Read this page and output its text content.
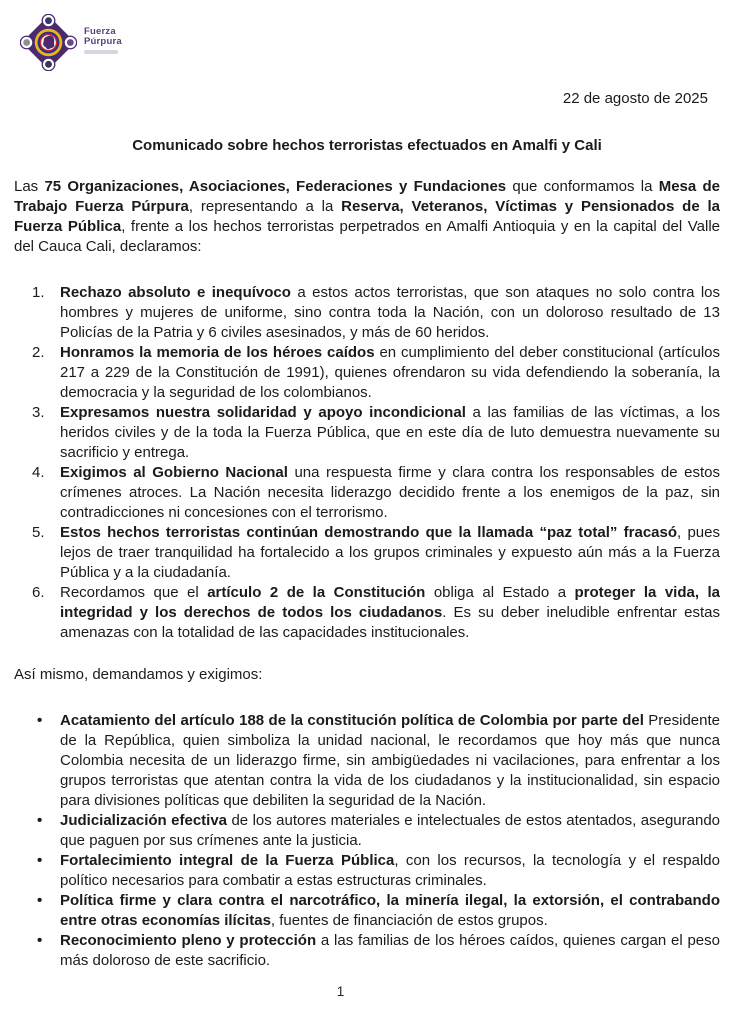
Fuerza
Púrpura
22 de agosto de 2025
Comunicado sobre hechos terroristas efectuados en Amalfi y Cali

Las 75 Organizaciones, Asociaciones, Federaciones y Fundaciones que conformamos la Mesa de Trabajo Fuerza Púrpura, representando a la Reserva, Veteranos, Víctimas y Pensionados de la Fuerza Pública, frente a los hechos terroristas perpetrados en Amalfi Antioquia y en la capital del Valle del Cauca Cali, declaramos:

1.	Rechazo absoluto e inequívoco a estos actos terroristas, que son ataques no solo contra los hombres y mujeres de uniforme, sino contra toda la Nación, con un doloroso resultado de 13 Policías de la Patria y 6 civiles asesinados, y más de 60 heridos.
2.	Honramos la memoria de los héroes caídos en cumplimiento del deber constitucional (artículos 217 a 229 de la Constitución de 1991), quienes ofrendaron su vida defendiendo la soberanía, la democracia y la seguridad de los colombianos.
3.	Expresamos nuestra solidaridad y apoyo incondicional a las familias de las víctimas, a los heridos civiles y de la toda la Fuerza Pública, que en este día de luto demuestra nuevamente su sacrificio y entrega.
4.	Exigimos al Gobierno Nacional una respuesta firme y clara contra los responsables de estos crímenes atroces. La Nación necesita liderazgo decidido frente a los enemigos de la paz, sin contradicciones ni concesiones con el terrorismo.
5.	Estos hechos terroristas continúan demostrando que la llamada “paz total” fracasó, pues lejos de traer tranquilidad ha fortalecido a los grupos criminales y expuesto aún más a la Fuerza Pública y a la ciudadanía.
6.	Recordamos que el artículo 2 de la Constitución obliga al Estado a proteger la vida, la integridad y los derechos de todos los ciudadanos. Es su deber ineludible enfrentar estas amenazas con la totalidad de las capacidades institucionales.

Así mismo, demandamos y exigimos:

•	Acatamiento del artículo 188 de la constitución política de Colombia por parte del Presidente de la República, quien simboliza la unidad nacional, le recordamos que hoy más que nunca Colombia necesita de un liderazgo firme, sin ambigüedades ni vacilaciones, para enfrentar a los grupos terroristas que atentan contra la vida de los ciudadanos y la institucionalidad, sin espacio para divisiones políticas que debiliten la seguridad de la Nación.
•	Judicialización efectiva de los autores materiales e intelectuales de estos atentados, asegurando que paguen por sus crímenes ante la justicia.
•	Fortalecimiento integral de la Fuerza Pública, con los recursos, la tecnología y el respaldo político necesarios para combatir a estas estructuras criminales.
•	Política firme y clara contra el narcotráfico, la minería ilegal, la extorsión, el contrabando entre otras economías ilícitas, fuentes de financiación de estos grupos.
•	Reconocimiento pleno y protección a las familias de los héroes caídos, quienes cargan el peso más doloroso de este sacrificio.
1
